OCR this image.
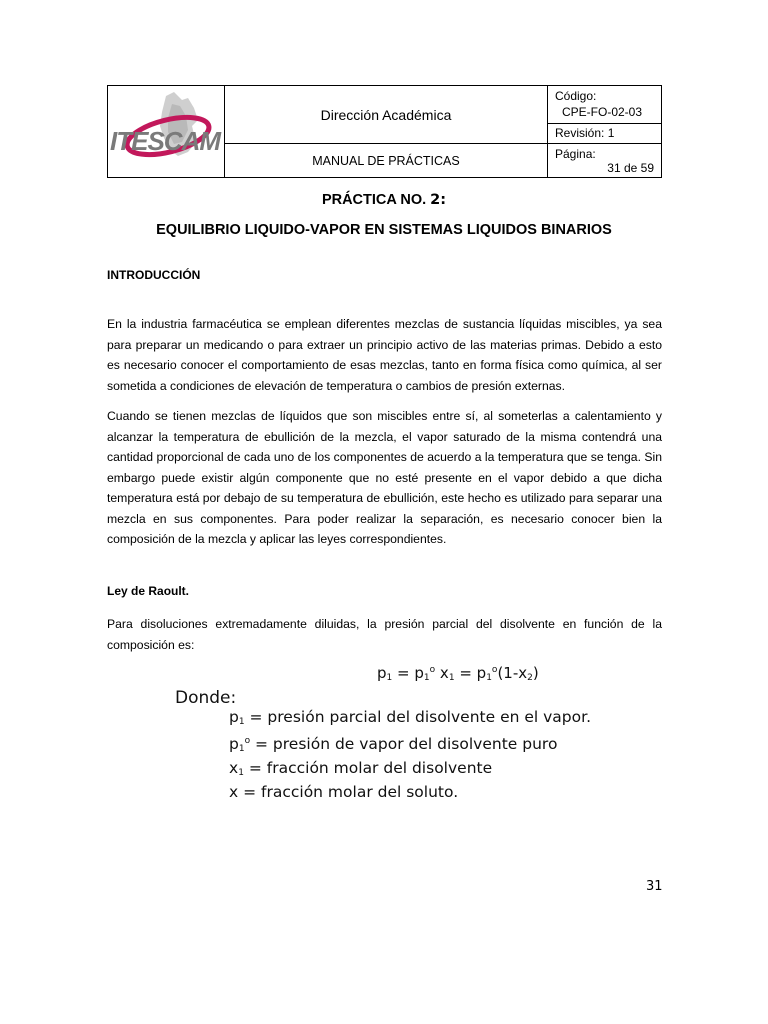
ITESCAM	Dirección Académica	Código:
CPE-FO-02-03
Revisión: 1

	MANUAL DE PRÁCTICAS	Página:
31 de 59

PRÁCTICA NO. 2:

EQUILIBRIO LIQUIDO-VAPOR EN SISTEMAS LIQUIDOS BINARIOS

INTRODUCCIÓN

En la industria farmacéutica se emplean diferentes mezclas de sustancia líquidas miscibles, ya sea para preparar un medicando o para extraer un principio activo de las materias primas. Debido a esto es necesario conocer el comportamiento de esas mezclas, tanto en forma física como química, al ser sometida a condiciones de elevación de temperatura o cambios de presión externas.

Cuando se tienen mezclas de líquidos que son miscibles entre sí, al someterlas a calentamiento y alcanzar la temperatura de ebullición de la mezcla, el vapor saturado de la misma contendrá una cantidad proporcional de cada uno de los componentes de acuerdo a la temperatura que se tenga. Sin embargo puede existir algún componente que no esté presente en el vapor debido a que dicha temperatura está por debajo de su temperatura de ebullición, este hecho es utilizado para separar una mezcla en sus componentes. Para poder realizar la separación, es necesario conocer bien la composición de la mezcla y aplicar las leyes correspondientes.

Ley de Raoult.

Para disoluciones extremadamente diluidas, la presión parcial del disolvente en función de la composición es:

$p_1 = p_1^o$ $x_1 = p_1^o(1-x_2)$
Donde:
$p_1$ = presión parcial del disolvente en el vapor.
$p_1^o$ = presión de vapor del disolvente puro
$x_1$ = fracción molar del disolvente
x = fracción molar del soluto.
31
